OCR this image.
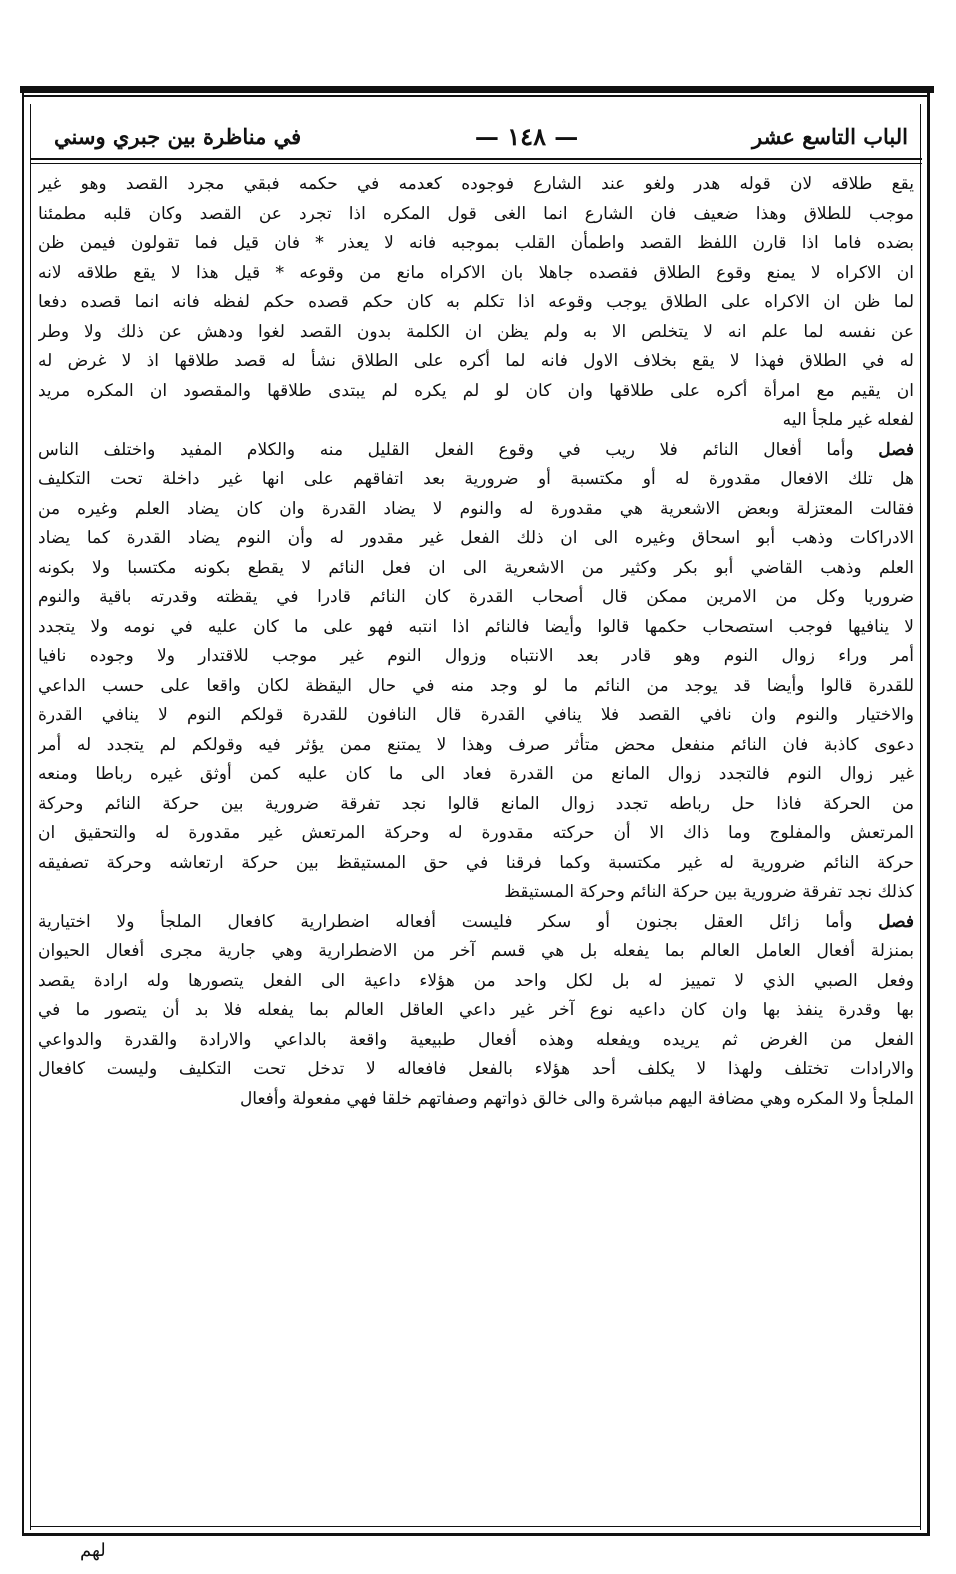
الباب التاسع عشر
— ١٤٨ —
في مناظرة بين جبري وسني
يقع طلاقه لان قوله هدر ولغو عند الشارع فوجوده كعدمه في حكمه فبقي مجرد القصد وهو غير
موجب للطلاق وهذا ضعيف فان الشارع انما الغى قول المكره اذا تجرد عن القصد وكان قلبه مطمئنا
بضده فاما اذا قارن اللفظ القصد واطمأن القلب بموجبه فانه لا يعذر * فان قيل فما تقولون فيمن ظن
ان الاكراه لا يمنع وقوع الطلاق فقصده جاهلا بان الاكراه مانع من وقوعه * قيل هذا لا يقع طلاقه لانه
لما ظن ان الاكراه على الطلاق يوجب وقوعه اذا تكلم به كان حكم قصده حكم لفظه فانه انما قصده دفعا
عن نفسه لما علم انه لا يتخلص الا به ولم يظن ان الكلمة بدون القصد لغوا ودهش عن ذلك ولا وطر
له في الطلاق فهذا لا يقع بخلاف الاول فانه لما أكره على الطلاق نشأ له قصد طلاقها اذ لا غرض له
ان يقيم مع امرأة أكره على طلاقها وان كان لو لم يكره لم يبتدى طلاقها والمقصود ان المكره مريد
لفعله غير ملجأ اليه
فصل وأما أفعال النائم فلا ريب في وقوع الفعل القليل منه والكلام المفيد واختلف الناس
هل تلك الافعال مقدورة له أو مكتسبة أو ضرورية بعد اتفاقهم على انها غير داخلة تحت التكليف
فقالت المعتزلة وبعض الاشعرية هي مقدورة له والنوم لا يضاد القدرة وان كان يضاد العلم وغيره من
الادراكات وذهب أبو اسحاق وغيره الى ان ذلك الفعل غير مقدور له وأن النوم يضاد القدرة كما يضاد
العلم وذهب القاضي أبو بكر وكثير من الاشعرية الى ان فعل النائم لا يقطع بكونه مكتسبا ولا بكونه
ضروريا وكل من الامرين ممكن قال أصحاب القدرة كان النائم قادرا في يقظته وقدرته باقية والنوم
لا ينافيها فوجب استصحاب حكمها قالوا وأيضا فالنائم اذا انتبه فهو على ما كان عليه في نومه ولا يتجدد
أمر وراء زوال النوم وهو قادر بعد الانتباه وزوال النوم غير موجب للاقتدار ولا وجوده نافيا
للقدرة قالوا وأيضا قد يوجد من النائم ما لو وجد منه في حال اليقظة لكان واقعا على حسب الداعي
والاختيار والنوم وان نافي القصد فلا ينافي القدرة قال النافون للقدرة قولكم النوم لا ينافي القدرة
دعوى كاذبة فان النائم منفعل محض متأثر صرف وهذا لا يمتنع ممن يؤثر فيه وقولكم لم يتجدد له أمر
غير زوال النوم فالتجدد زوال المانع من القدرة فعاد الى ما كان عليه كمن أوثق غيره رباطا ومنعه
من الحركة فاذا حل رباطه تجدد زوال المانع قالوا نجد تفرقة ضرورية بين حركة النائم وحركة
المرتعش والمفلوج وما ذاك الا أن حركته مقدورة له وحركة المرتعش غير مقدورة له والتحقيق ان
حركة النائم ضرورية له غير مكتسبة وكما فرقنا في حق المستيقظ بين حركة ارتعاشه وحركة تصفيقه
كذلك نجد تفرقة ضرورية بين حركة النائم وحركة المستيقظ
فصل وأما زائل العقل بجنون أو سكر فليست أفعاله اضطرارية كافعال الملجأ ولا اختيارية
بمنزلة أفعال العامل العالم بما يفعله بل هي قسم آخر من الاضطرارية وهي جارية مجرى أفعال الحيوان
وفعل الصبي الذي لا تمييز له بل لكل واحد من هؤلاء داعية الى الفعل يتصورها وله ارادة يقصد
بها وقدرة ينفذ بها وان كان داعيه نوع آخر غير داعي العاقل العالم بما يفعله فلا بد أن يتصور ما في
الفعل من الغرض ثم يريده ويفعله وهذه أفعال طبيعية واقعة بالداعي والارادة والقدرة والدواعي
والارادات تختلف ولهذا لا يكلف أحد هؤلاء بالفعل فافعاله لا تدخل تحت التكليف وليست كافعال
الملجأ ولا المكره وهي مضافة اليهم مباشرة والى خالق ذواتهم وصفاتهم خلقا فهي مفعولة وأفعال
لهم
